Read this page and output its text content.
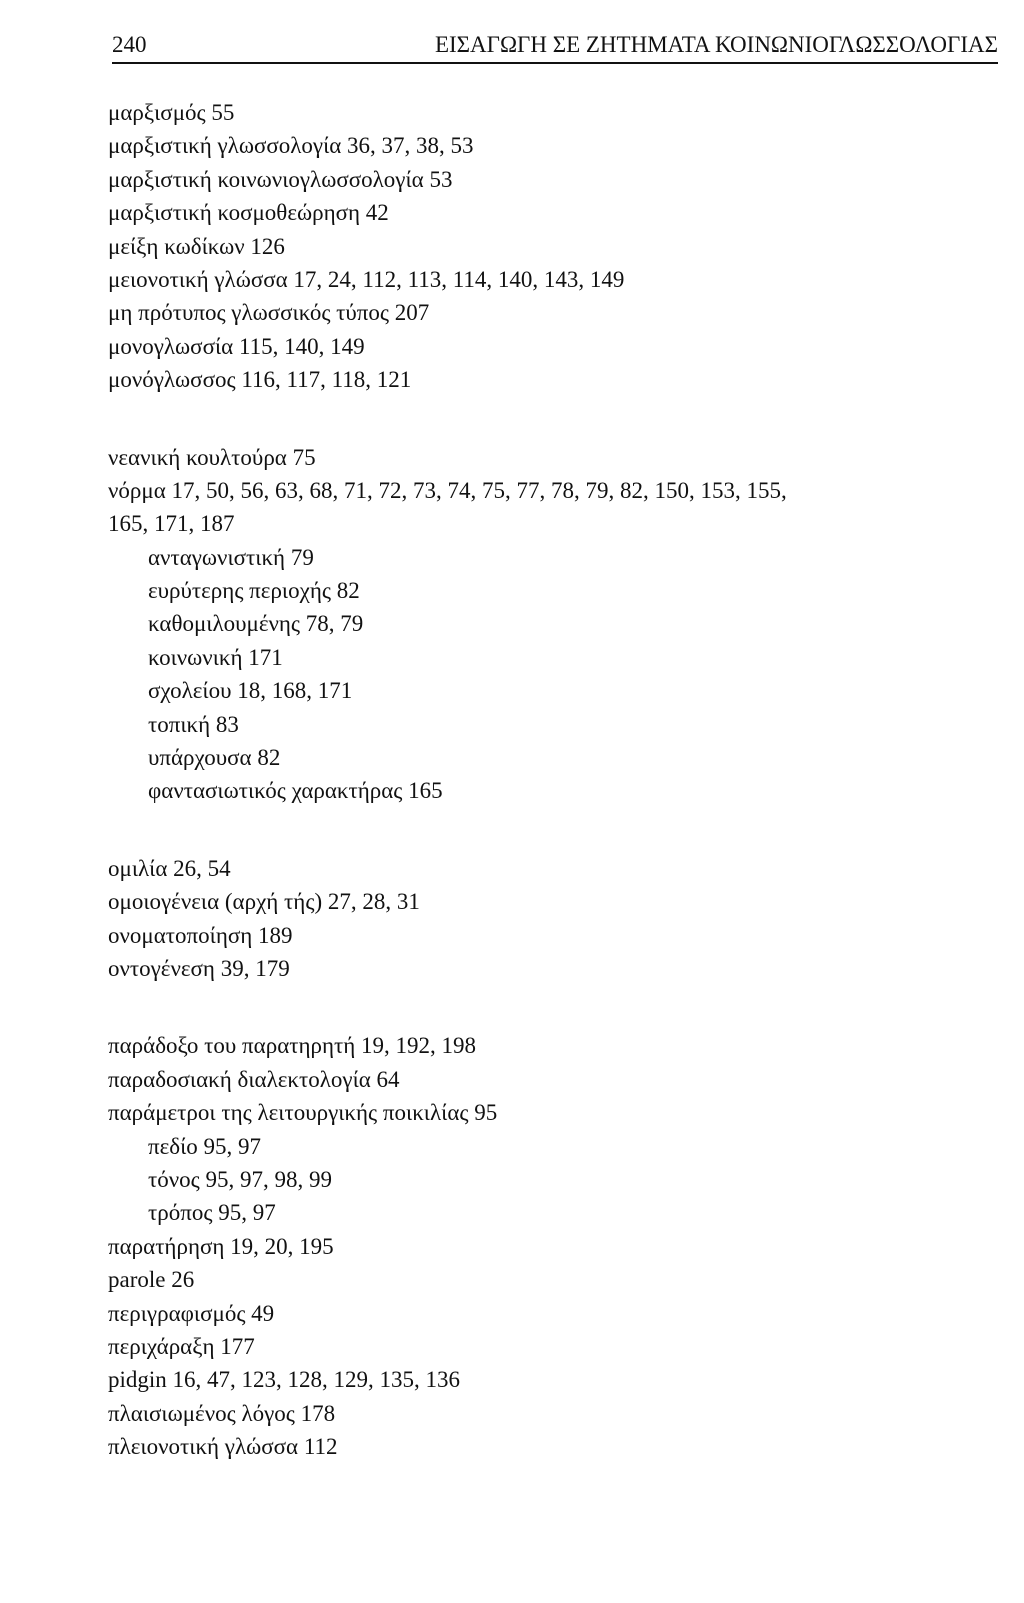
240	ΕΙΣΑΓΩΓΗ ΣΕ ΖΗΤΗΜΑΤΑ ΚΟΙΝΩΝΙΟΓΛΩΣΣΟΛΟΓΙΑΣ

μαρξισμός 55

μαρξιστική γλωσσολογία 36, 37, 38, 53

μαρξιστική κοινωνιογλωσσολογία 53

μαρξιστική κοσμοθεώρηση 42

μείξη κωδίκων 126

μειονοτική γλώσσα 17, 24, 112, 113, 114, 140, 143, 149

μη πρότυπος γλωσσικός τύπος 207

μονογλωσσία 115, 140, 149

μονόγλωσσος 116, 117, 118, 121

νεανική κουλτούρα 75

νόρμα 17, 50, 56, 63, 68, 71, 72, 73, 74, 75, 77, 78, 79, 82, 150, 153, 155,

165, 171, 187

ανταγωνιστική 79

ευρύτερης περιοχής 82

καθομιλουμένης 78, 79

κοινωνική 171

σχολείου 18, 168, 171

τοπική 83

υπάρχουσα 82

φαντασιωτικός χαρακτήρας 165

ομιλία 26, 54

ομοιογένεια (αρχή τής) 27, 28, 31

ονοματοποίηση 189

οντογένεση 39, 179

παράδοξο του παρατηρητή 19, 192, 198

παραδοσιακή διαλεκτολογία 64

παράμετροι της λειτουργικής ποικιλίας 95

πεδίο 95, 97

τόνος 95, 97, 98, 99

τρόπος 95, 97

παρατήρηση 19, 20, 195

parole 26

περιγραφισμός 49

περιχάραξη 177

pidgin 16, 47, 123, 128, 129, 135, 136

πλαισιωμένος λόγος 178

πλειονοτική γλώσσα 112
